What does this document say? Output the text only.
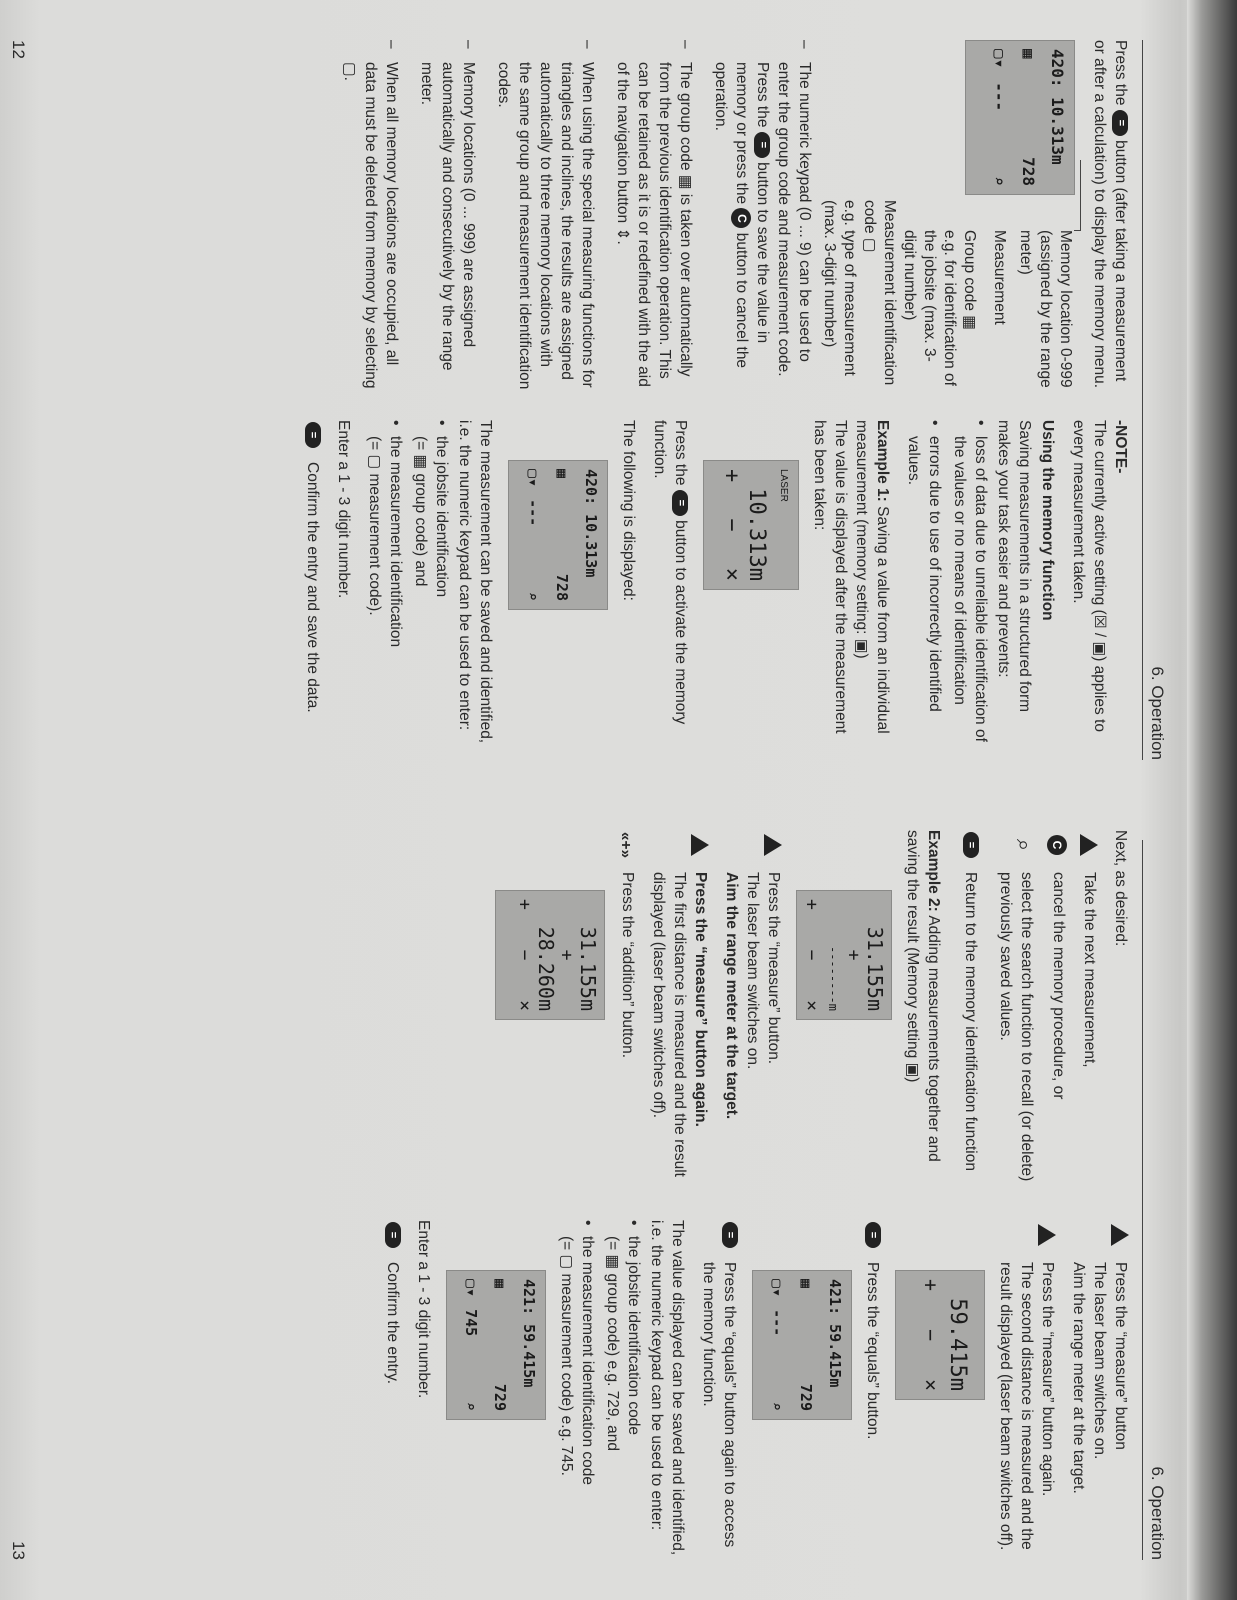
6. Operation

Press the = button (after taking a measurement or after a calculation) to display the memory menu.

420: 10.313m
▦
728
▢▾
---
⌕
Memory location 0-999 (assigned by the range meter)
Measurement
Group code ▦
e.g. for identification of the jobsite (max. 3-digit number)
Measurement identification code ▢
e.g. type of measurement (max. 3-digit number)
–
The numeric keypad (0 ... 9) can be used to enter the group code and measurement code. Press the = button to save the value in memory or press the C button to cancel the operation.
–
The group code ▦ is taken over automatically from the previous identification operation. This can be retained as it is or redefined with the aid of the navigation button ⇕.
–
When using the special measuring functions for triangles and inclines, the results are assigned automatically to three memory locations with the same group and measurement identification codes.
–
Memory locations (0 ... 999) are assigned automatically and consecutively by the range meter.
–
When all memory locations are occupied, all data must be deleted from memory by selecting ▢.

-NOTE-
The currently active setting (☒ / ▣) applies to every measurement taken.

Using the memory function

Saving measurements in a structured form makes your task easier and prevents:

•
loss of data due to unreliable identification of the values or no means of identification
•
errors due to use of incorrectly identified values.

Example 1: Saving a value from an individual measurement (memory setting: ▣)
The value is displayed after the measurement has been taken:

LASER
10.313m
+
−
×

Press the = button to activate the memory function.

The following is displayed:

420: 10.313m
▦
728
▢▾
---
⌕

The measurement can be saved and identified, i.e. the numeric keypad can be used to enter:

•
the jobsite identification
(= ▦ group code) and
•
the measurement identification
(= ▢ measurement code).

Enter a 1 - 3 digit number.

=
Confirm the entry and save the data.
12
6. Operation

Next, as desired:

Take the next measurement,
C
cancel the memory procedure, or
⌕
select the search function to recall (or delete) previously saved values.
=
Return to the memory identification function

Example 2: Adding measurements together and saving the result (Memory setting ▣)

31.155m
+
--------m
+
−
×
Press the “measure” button.
The laser beam switches on.
Aim the range meter at the target.
Press the “measure” button again.
The first distance is measured and the result displayed (laser beam switches off).
«+»
Press the “addition” button.
31.155m
+
28.260m
+
−
×
Press the “measure” button
The laser beam switches on.
Aim the range meter at the target.
Press the “measure” button again.
The second distance is measured and the result displayed (laser beam switches off).
59.415m
+
−
×
=
Press the “equals” button.
421: 59.415m
▦
729
▢▾
---
⌕
=
Press the “equals” button again to access the memory function.

The value displayed can be saved and identified, i.e. the numeric keypad can be used to enter:

•
the jobsite identification code
(= ▦ group code) e.g. 729, and
•
the measurement identification code
(= ▢ measurement code) e.g. 745.
421: 59.415m
▦
729
▢▾
745
⌕

Enter a 1 - 3 digit number.

=
Confirm the entry.
13
